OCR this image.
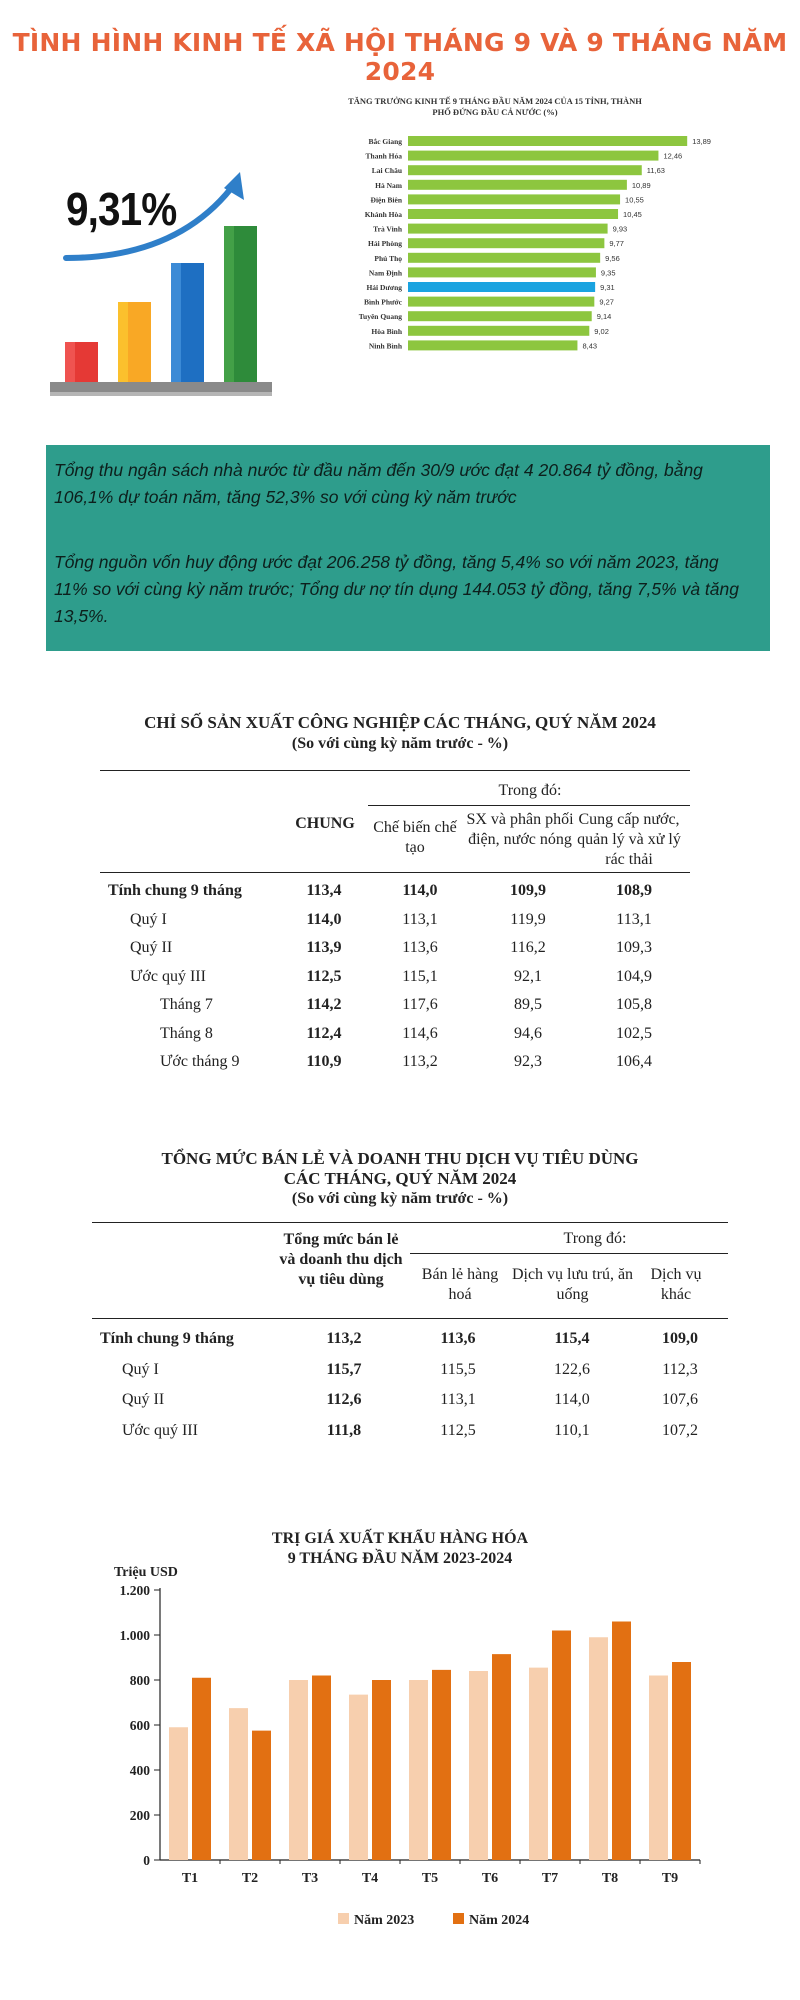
TÌNH HÌNH KINH TẾ XÃ HỘI THÁNG 9 VÀ 9 THÁNG NĂM 2024
9,31%
TĂNG TRƯỞNG KINH TẾ 9 THÁNG ĐẦU NĂM 2024 CỦA 15 TỈNH, THÀNH PHỐ ĐỨNG ĐẦU CẢ NƯỚC (%)
Bắc Giang	13,89
Thanh Hóa	12,46
Lai Châu	11,63
Hà Nam	10,89
Điện Biên	10,55
Khánh Hòa	10,45
Trà Vinh	9,93
Hải Phòng	9,77
Phú Thọ	9,56
Nam Định	9,35
Hải Dương	9,31
Bình Phước	9,27
Tuyên Quang	9,14
Hòa Bình	9,02
Ninh Bình	8,43

Tổng thu ngân sách nhà nước từ đầu năm đến 30/9 ước đạt 4 20.864 tỷ đồng, bằng 106,1% dự toán năm, tăng 52,3% so với cùng kỳ năm trước

Tổng nguồn vốn huy động ước đạt 206.258 tỷ đồng, tăng 5,4% so với năm 2023, tăng 11% so với cùng kỳ năm trước; Tổng dư nợ tín dụng 144.053 tỷ đồng, tăng 7,5% và tăng 13,5%.

CHỈ SỐ SẢN XUẤT CÔNG NGHIỆP CÁC THÁNG, QUÝ NĂM 2024
(So với cùng kỳ năm trước - %)
Trong đó:
CHUNG	Chế biến chế tạo
SX và phân phối điện, nước nóng
Cung cấp nước, quản lý và xử lý rác thải
Tính chung 9 tháng	113,4	114,0	109,9	108,9
Quý I	114,0	113,1	119,9	113,1
Quý II	113,9	113,6	116,2	109,3
Ước quý III	112,5	115,1	92,1	104,9
Tháng 7	114,2	117,6	89,5	105,8
Tháng 8	112,4	114,6	94,6	102,5
Ước tháng 9	110,9	113,2	92,3	106,4
TỔNG MỨC BÁN LẺ VÀ DOANH THU DỊCH VỤ TIÊU DÙNG
CÁC THÁNG, QUÝ NĂM 2024
(So với cùng kỳ năm trước - %)
Trong đó:
Tổng mức bán lẻ và doanh thu dịch vụ tiêu dùng	Bán lẻ hàng hoá
Dịch vụ lưu trú, ăn uống
Dịch vụ khác
Tính chung 9 tháng	113,2	113,6	115,4	109,0
Quý I	115,7	115,5	122,6	112,3
Quý II	112,6	113,1	114,0	107,6
Ước quý III	111,8	112,5	110,1	107,2
TRỊ GIÁ XUẤT KHẨU HÀNG HÓA
9 THÁNG ĐẦU NĂM 2023-2024
Triệu USD
0
200
400
600
800
1.000
1.200
T1	T2	T3	T4	T5	T6	T7	T8	T9
Năm 2023	Năm 2024
